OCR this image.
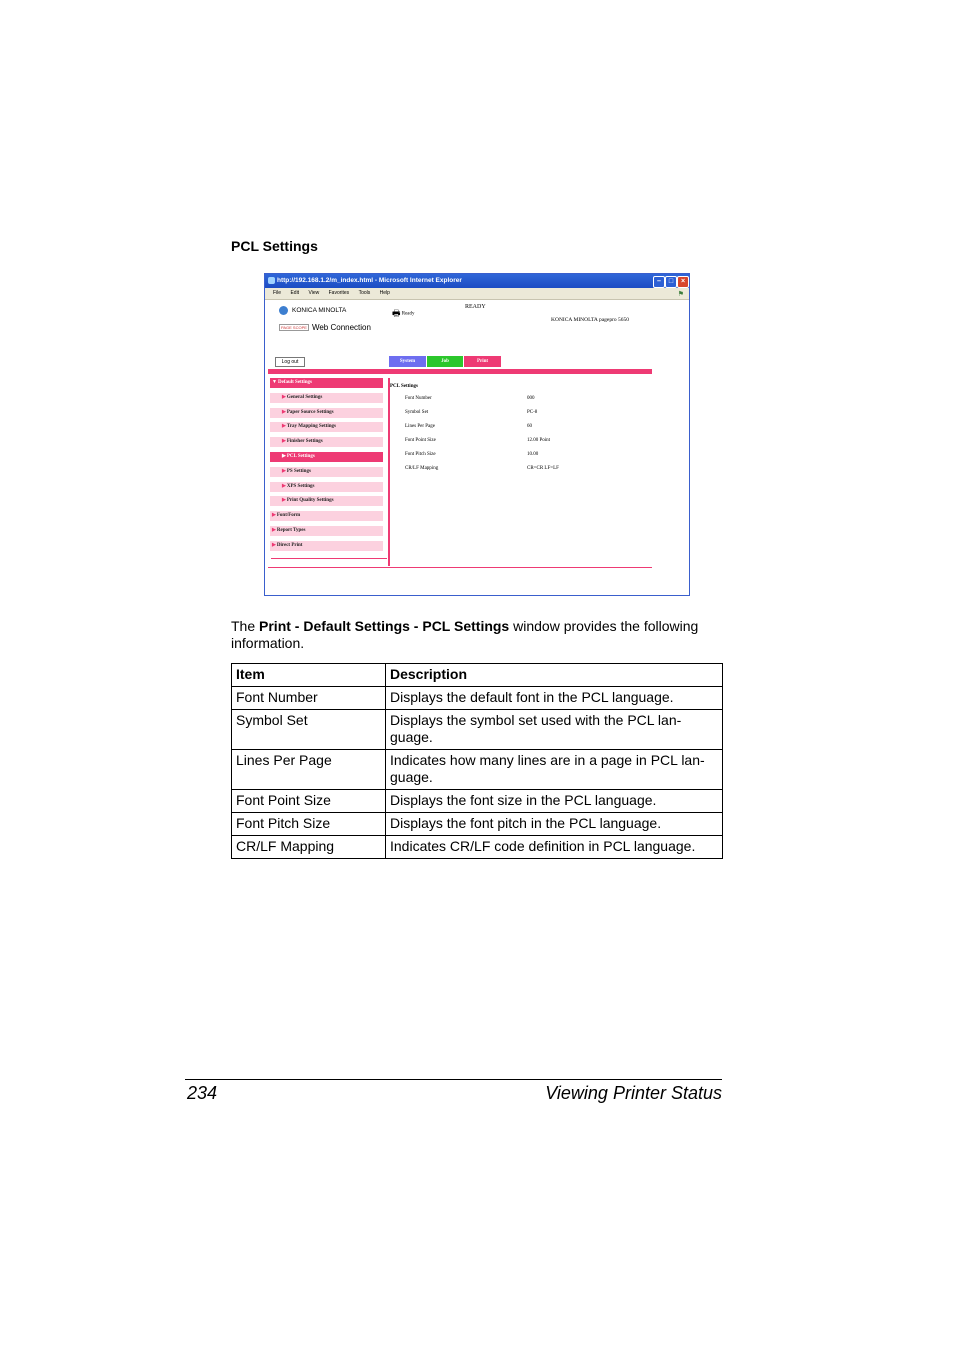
PCL Settings
http://192.168.1.2/m_index.html - Microsoft Internet Explorer	–	□	×
File Edit View Favorites Tools Help	⚑
KONICA MINOLTA
PAGE SCOPE Web Connection
🖶 Ready
READY
KONICA MINOLTA pagepro 5650
Log out	System	Job	Print
▼Default Settings
▶General Settings
▶Paper Source Settings
▶Tray Mapping Settings
▶Finisher Settings
▶PCL Settings
▶PS Settings
▶XPS Settings
▶Print Quality Settings
▶Font/Form
▶Report Types
▶Direct Print
PCL Settings
Font Number	000
Symbol Set	PC-8
Lines Per Page	60
Font Point Size	12.00 Point
Font Pitch Size	10.00
CR/LF Mapping	CR=CR LF=LF
The Print - Default Settings - PCL Settings window provides the following information.
Item	Description
Font Number	Displays the default font in the PCL language.
Symbol Set	Displays the symbol set used with the PCL lan-guage.
Lines Per Page	Indicates how many lines are in a page in PCL lan-guage.
Font Point Size	Displays the font size in the PCL language.
Font Pitch Size	Displays the font pitch in the PCL language.
CR/LF Mapping	Indicates CR/LF code definition in PCL language.
234	Viewing Printer Status
